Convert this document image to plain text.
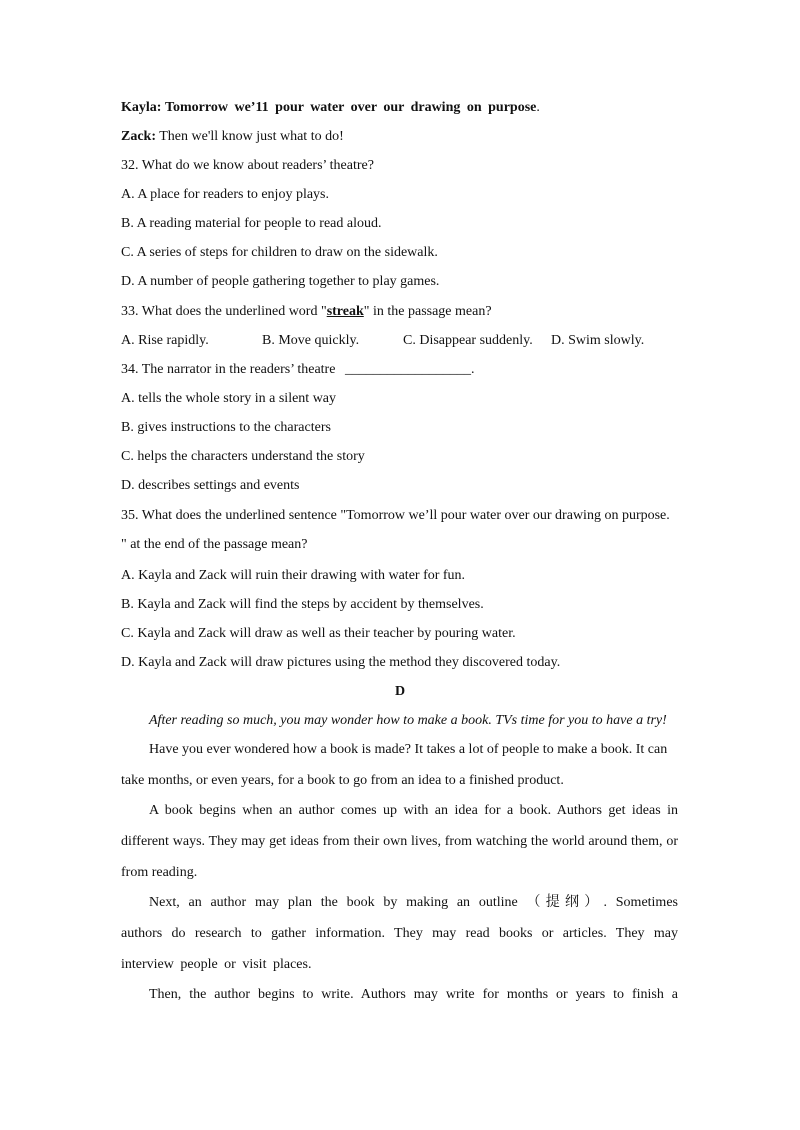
Kayla: Tomorrow we’11 pour water over our drawing on purpose.
Zack: Then we'll know just what to do!
32. What do we know about readers’ theatre?
A. A place for readers to enjoy plays.
B. A reading material for people to read aloud.
C. A series of steps for children to draw on the sidewalk.
D. A number of people gathering together to play games.
33. What does the underlined word "streak" in the passage mean?
A. Rise rapidly.	B. Move quickly.	C. Disappear suddenly. D. Swim slowly.
34. The narrator in the readers’ theatre __________________.
A. tells the whole story in a silent way
B. gives instructions to the characters
C. helps the characters understand the story
D. describes settings and events
35. What does the underlined sentence "Tomorrow we’ll pour water over our drawing on purpose.
" at the end of the passage mean?
A. Kayla and Zack will ruin their drawing with water for fun.
B. Kayla and Zack will find the steps by accident by themselves.
C. Kayla and Zack will draw as well as their teacher by pouring water.
D. Kayla and Zack will draw pictures using the method they discovered today.
D
After reading so much, you may wonder how to make a book. TVs time for you to have a try!
Have you ever wondered how a book is made? It takes a lot of people to make a book. It can
take months, or even years, for a book to go from an idea to a finished product.
A book begins when an author comes up with an idea for a book. Authors get ideas in
different ways. They may get ideas from their own lives, from watching the world around them, or
from reading.
Next, an author may plan the book by making an outline （提纲）. Sometimes
authors do research to gather information. They may read books or articles. They may
interview people or visit places.
Then, the author begins to write. Authors may write for months or years to finish a
